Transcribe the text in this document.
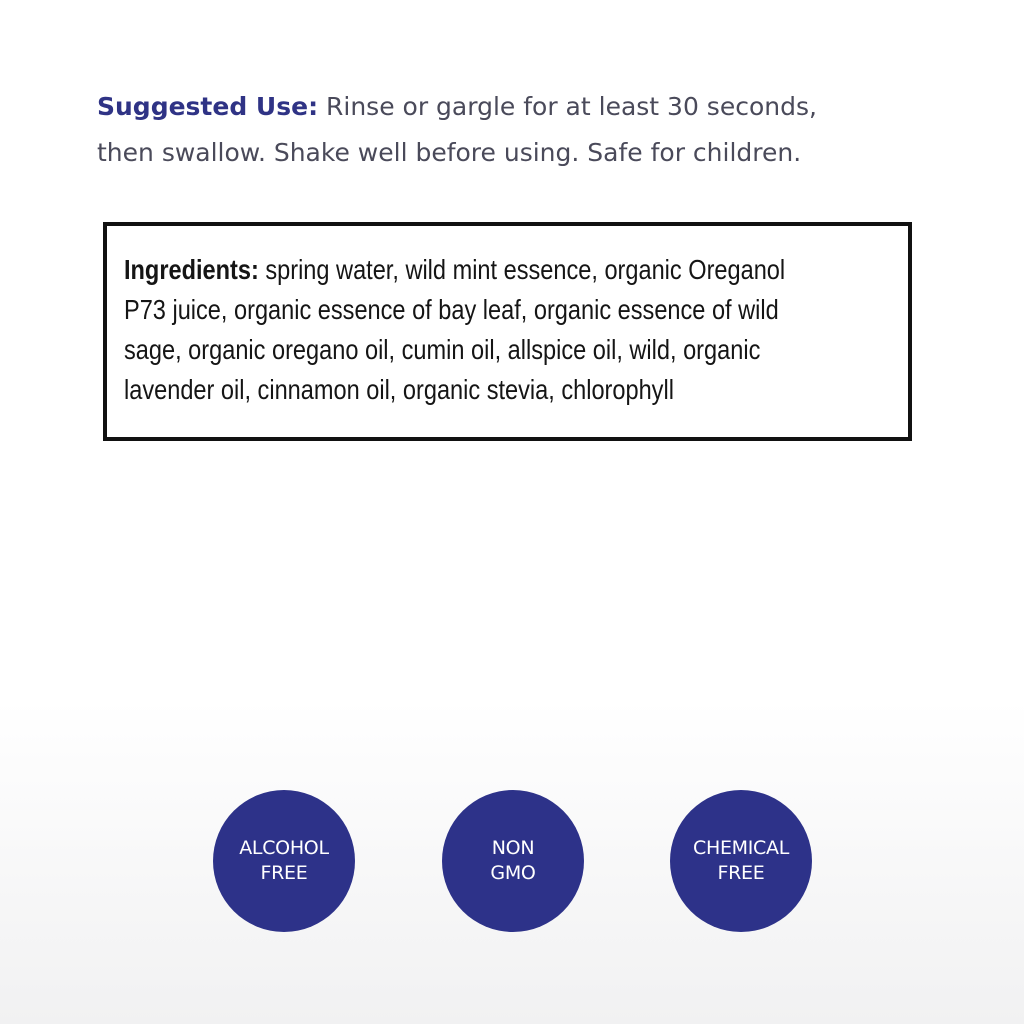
Suggested Use: Rinse or gargle for at least 30 seconds,
then swallow. Shake well before using. Safe for children.

Ingredients: spring water, wild mint essence, organic Oreganol
P73 juice, organic essence of bay leaf, organic essence of wild
sage, organic oregano oil, cumin oil, allspice oil, wild, organic
lavender oil, cinnamon oil, organic stevia, chlorophyll

ALCOHOL
FREE
NON
GMO
CHEMICAL
FREE
